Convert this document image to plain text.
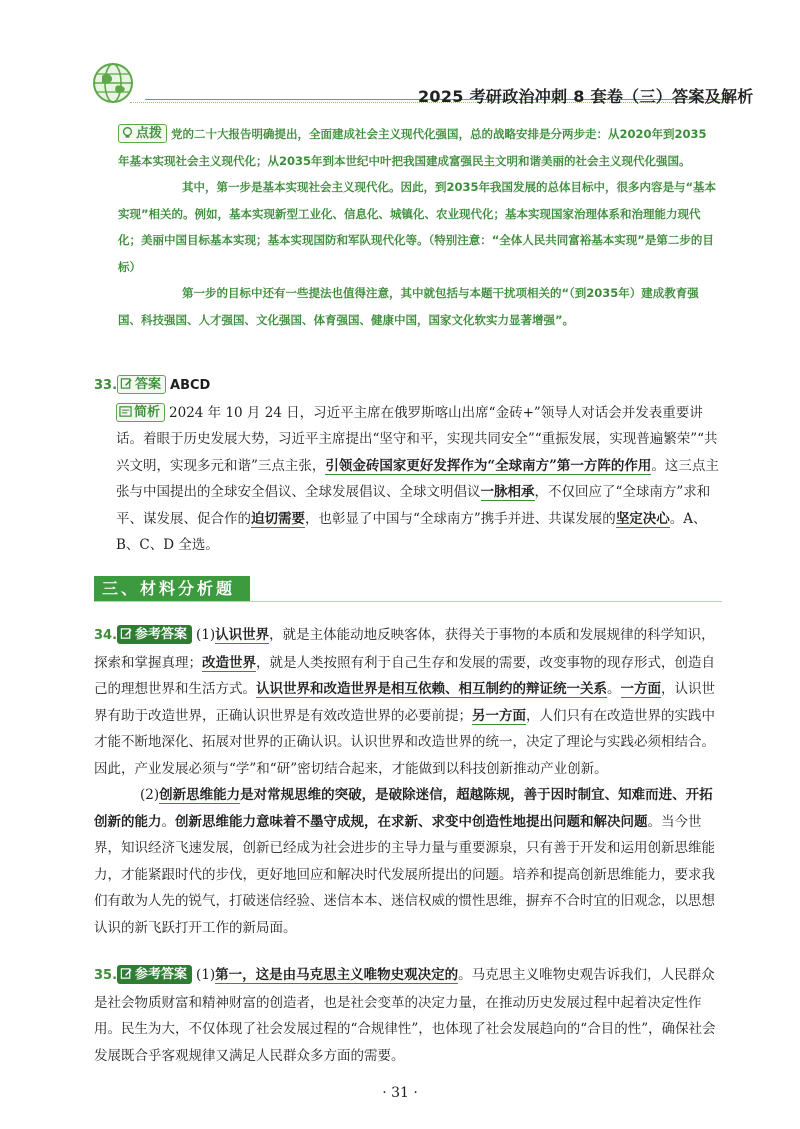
2025 考研政治冲刺 8 套卷（三）答案及解析

点拨 党的二十大报告明确提出，全面建成社会主义现代化强国，总的战略安排是分两步走：从2020年到2035年基本实现社会主义现代化；从2035年到本世纪中叶把我国建成富强民主文明和谐美丽的社会主义现代化强国。

其中，第一步是基本实现社会主义现代化。因此，到2035年我国发展的总体目标中，很多内容是与“基本实现”相关的。例如，基本实现新型工业化、信息化、城镇化、农业现代化；基本实现国家治理体系和治理能力现代化；美丽中国目标基本实现；基本实现国防和军队现代化等。（特别注意：“全体人民共同富裕基本实现”是第二步的目标）

第一步的目标中还有一些提法也值得注意，其中就包括与本题干扰项相关的“（到2035年）建成教育强国、科技强国、人才强国、文化强国、体育强国、健康中国，国家文化软实力显著增强”。

33. 答案 ABCD
简析 2024 年 10 月 24 日，习近平主席在俄罗斯喀山出席“金砖+”领导人对话会并发表重要讲话。着眼于历史发展大势，习近平主席提出“坚守和平，实现共同安全”“重振发展，实现普遍繁荣”“共兴文明，实现多元和谐”三点主张，引领金砖国家更好发挥作为“全球南方”第一方阵的作用。这三点主张与中国提出的全球安全倡议、全球发展倡议、全球文明倡议一脉相承，不仅回应了“全球南方”求和平、谋发展、促合作的迫切需要，也彰显了中国与“全球南方”携手并进、共谋发展的坚定决心。A、B、C、D 全选。
三、材料分析题
34. 参考答案 (1)认识世界，就是主体能动地反映客体，获得关于事物的本质和发展规律的科学知识，探索和掌握真理；改造世界，就是人类按照有利于自己生存和发展的需要，改变事物的现存形式，创造自己的理想世界和生活方式。认识世界和改造世界是相互依赖、相互制约的辩证统一关系。一方面，认识世界有助于改造世界，正确认识世界是有效改造世界的必要前提；另一方面，人们只有在改造世界的实践中才能不断地深化、拓展对世界的正确认识。认识世界和改造世界的统一，决定了理论与实践必须相结合。因此，产业发展必须与“学”和“研”密切结合起来，才能做到以科技创新推动产业创新。
(2)创新思维能力是对常规思维的突破，是破除迷信，超越陈规，善于因时制宜、知难而进、开拓创新的能力。创新思维能力意味着不墨守成规，在求新、求变中创造性地提出问题和解决问题。当今世界，知识经济飞速发展，创新已经成为社会进步的主导力量与重要源泉，只有善于开发和运用创新思维能力，才能紧跟时代的步伐，更好地回应和解决时代发展所提出的问题。培养和提高创新思维能力，要求我们有敢为人先的锐气，打破迷信经验、迷信本本、迷信权威的惯性思维，摒弃不合时宜的旧观念，以思想认识的新飞跃打开工作的新局面。
35. 参考答案 (1)第一，这是由马克思主义唯物史观决定的。马克思主义唯物史观告诉我们，人民群众是社会物质财富和精神财富的创造者，也是社会变革的决定力量，在推动历史发展过程中起着决定性作用。民生为大，不仅体现了社会发展过程的“合规律性”，也体现了社会发展趋向的“合目的性”，确保社会发展既合乎客观规律又满足人民群众多方面的需要。
· 31 ·
